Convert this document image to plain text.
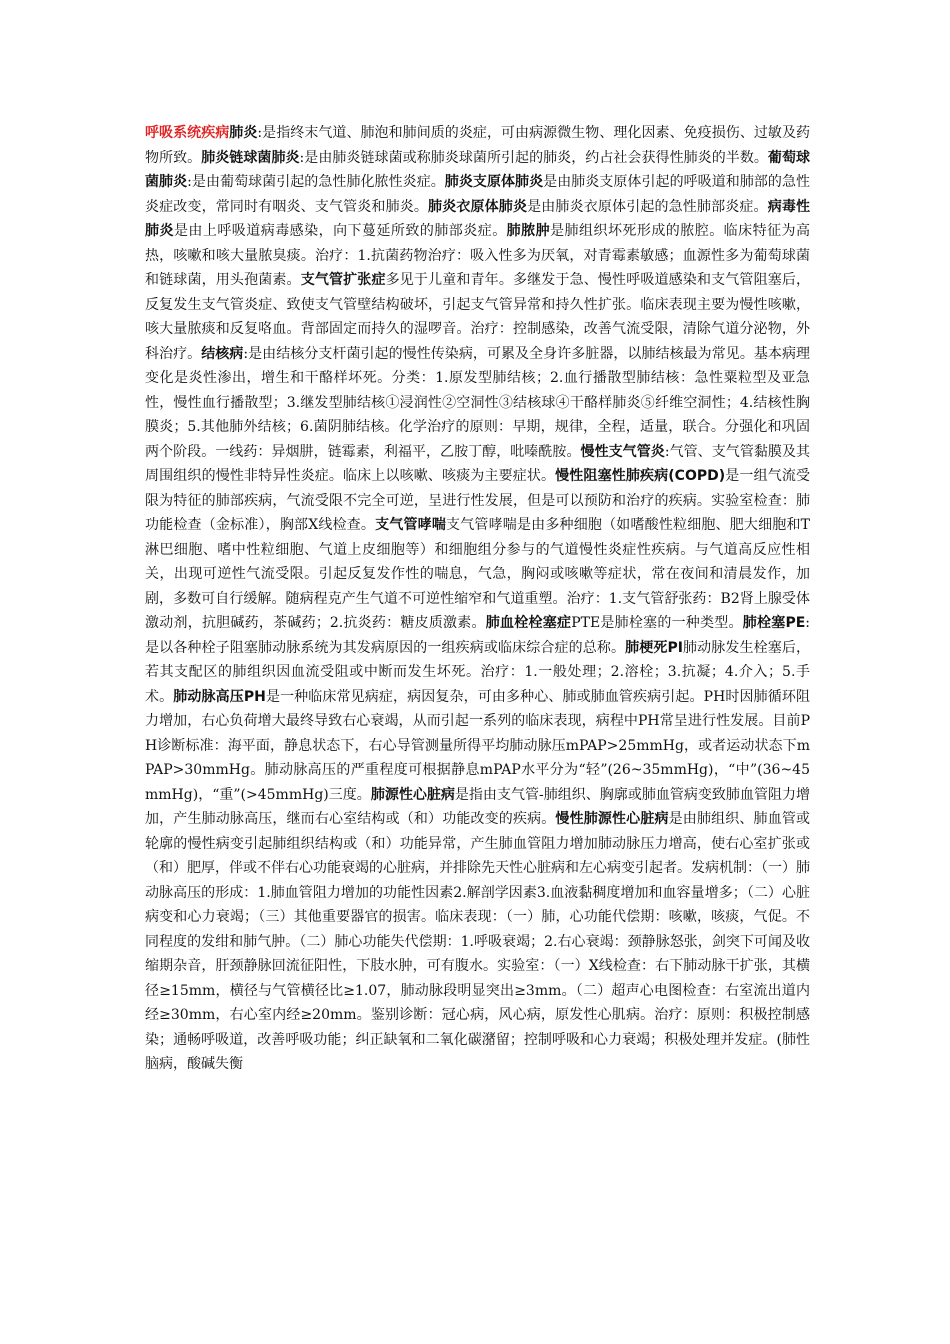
呼吸系统疾病肺炎:是指终末气道、肺泡和肺间质的炎症，可由病源微生物、理化因素、免疫损伤、过敏及药物所致。肺炎链球菌肺炎:是由肺炎链球菌或称肺炎球菌所引起的肺炎，约占社会获得性肺炎的半数。葡萄球菌肺炎:是由葡萄球菌引起的急性肺化脓性炎症。肺炎支原体肺炎是由肺炎支原体引起的呼吸道和肺部的急性炎症改变，常同时有咽炎、支气管炎和肺炎。肺炎衣原体肺炎是由肺炎衣原体引起的急性肺部炎症。病毒性肺炎是由上呼吸道病毒感染，向下蔓延所致的肺部炎症。肺脓肿是肺组织坏死形成的脓腔。临床特征为高热，咳嗽和咳大量脓臭痰。治疗：1.抗菌药物治疗：吸入性多为厌氧，对青霉素敏感；血源性多为葡萄球菌和链球菌，用头孢菌素。支气管扩张症多见于儿童和青年。多继发于急、慢性呼吸道感染和支气管阻塞后，反复发生支气管炎症、致使支气管壁结构破坏，引起支气管异常和持久性扩张。临床表现主要为慢性咳嗽，咳大量脓痰和反复咯血。背部固定而持久的湿啰音。治疗：控制感染，改善气流受限，清除气道分泌物，外科治疗。结核病:是由结核分支杆菌引起的慢性传染病，可累及全身许多脏器，以肺结核最为常见。基本病理变化是炎性渗出，增生和干酪样坏死。分类：1.原发型肺结核；2.血行播散型肺结核：急性粟粒型及亚急性，慢性血行播散型；3.继发型肺结核①浸润性②空洞性③结核球④干酪样肺炎⑤纤维空洞性；4.结核性胸膜炎；5.其他肺外结核；6.菌阴肺结核。化学治疗的原则：早期，规律，全程，适量，联合。分强化和巩固两个阶段。一线药：异烟肼，链霉素，利福平，乙胺丁醇，吡嗪酰胺。慢性支气管炎:气管、支气管黏膜及其周围组织的慢性非特异性炎症。临床上以咳嗽、咳痰为主要症状。慢性阻塞性肺疾病(COPD)是一组气流受限为特征的肺部疾病，气流受限不完全可逆，呈进行性发展，但是可以预防和治疗的疾病。实验室检查：肺功能检查（金标准），胸部X线检查。支气管哮喘支气管哮喘是由多种细胞（如嗜酸性粒细胞、肥大细胞和T淋巴细胞、嗜中性粒细胞、气道上皮细胞等）和细胞组分参与的气道慢性炎症性疾病。与气道高反应性相关，出现可逆性气流受限。引起反复发作性的喘息，气急，胸闷或咳嗽等症状，常在夜间和清晨发作，加剧，多数可自行缓解。随病程克产生气道不可逆性缩窄和气道重塑。治疗：1.支气管舒张药：B2肾上腺受体激动剂，抗胆碱药，茶碱药；2.抗炎药：糖皮质激素。肺血栓栓塞症PTE是肺栓塞的一种类型。肺栓塞PE:是以各种栓子阻塞肺动脉系统为其发病原因的一组疾病或临床综合症的总称。肺梗死PI肺动脉发生栓塞后，若其支配区的肺组织因血流受阻或中断而发生坏死。治疗：1.一般处理；2.溶栓；3.抗凝；4.介入；5.手术。肺动脉高压PH是一种临床常见病症，病因复杂，可由多种心、肺或肺血管疾病引起。PH时因肺循环阻力增加，右心负荷增大最终导致右心衰竭，从而引起一系列的临床表现，病程中PH常呈进行性发展。目前PH诊断标准：海平面，静息状态下，右心导管测量所得平均肺动脉压mPAP>25mmHg，或者运动状态下mPAP>30mmHg。肺动脉高压的严重程度可根据静息mPAP水平分为“轻”(26~35mmHg)，“中”(36~45mmHg)，“重”(>45mmHg)三度。肺源性心脏病是指由支气管-肺组织、胸廓或肺血管病变致肺血管阻力增加，产生肺动脉高压，继而右心室结构或（和）功能改变的疾病。慢性肺源性心脏病是由肺组织、肺血管或轮廓的慢性病变引起肺组织结构或（和）功能异常，产生肺血管阻力增加肺动脉压力增高，使右心室扩张或（和）肥厚，伴或不伴右心功能衰竭的心脏病，并排除先天性心脏病和左心病变引起者。发病机制：（一）肺动脉高压的形成：1.肺血管阻力增加的功能性因素2.解剖学因素3.血液黏稠度增加和血容量增多；（二）心脏病变和心力衰竭；（三）其他重要器官的损害。临床表现：（一）肺，心功能代偿期：咳嗽，咳痰，气促。不同程度的发绀和肺气肿。（二）肺心功能失代偿期：1.呼吸衰竭；2.右心衰竭：颈静脉怒张，剑突下可闻及收缩期杂音，肝颈静脉回流征阳性，下肢水肿，可有腹水。实验室：（一）X线检查：右下肺动脉干扩张，其横径≥15mm，横径与气管横径比≥1.07，肺动脉段明显突出≥3mm。（二）超声心电图检查：右室流出道内经≥30mm，右心室内经≥20mm。鉴别诊断：冠心病，风心病，原发性心肌病。治疗：原则：积极控制感染；通畅呼吸道，改善呼吸功能；纠正缺氧和二氧化碳潴留；控制呼吸和心力衰竭；积极处理并发症。(肺性脑病，酸碱失衡
